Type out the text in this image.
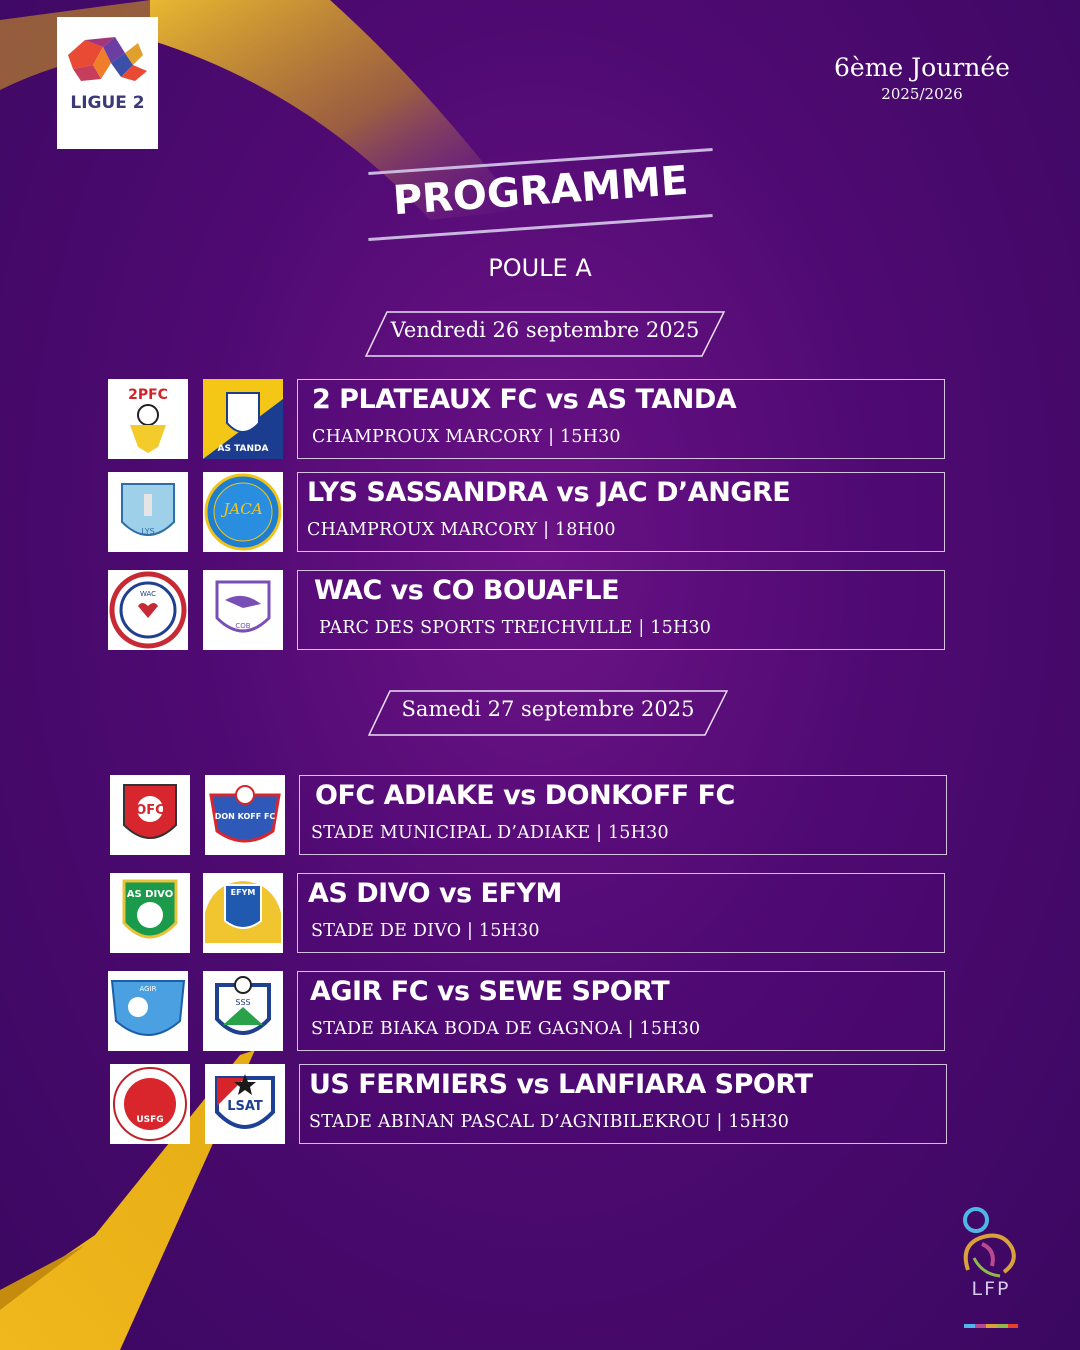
LIGUE 2
6ème Journée
2025/2026
PROGRAMME
POULE A
Vendredi 26 septembre 2025
2PFC
AS TANDA
2 PLATEAUX FC vs AS TANDA
CHAMPROUX MARCORY | 15H30
LYS
JACA
LYS SASSANDRA vs JAC D’ANGRE
CHAMPROUX MARCORY | 18H00
WAC
COB
WAC vs CO BOUAFLE
PARC DES SPORTS TREICHVILLE | 15H30
Samedi 27 septembre 2025
OFC	DON KOFF FC
OFC ADIAKE vs DONKOFF FC
STADE MUNICIPAL D’ADIAKE | 15H30
AS DIVO	EFYM AS DIVO vs EFYM
STADE DE DIVO | 15H30
AGIR
SSS AGIR FC vs SEWE SPORT
STADE BIAKA BODA DE GAGNOA | 15H30
USFG
LSAT
US FERMIERS vs LANFIARA SPORT
STADE ABINAN PASCAL D’AGNIBILEKROU | 15H30
LFP
